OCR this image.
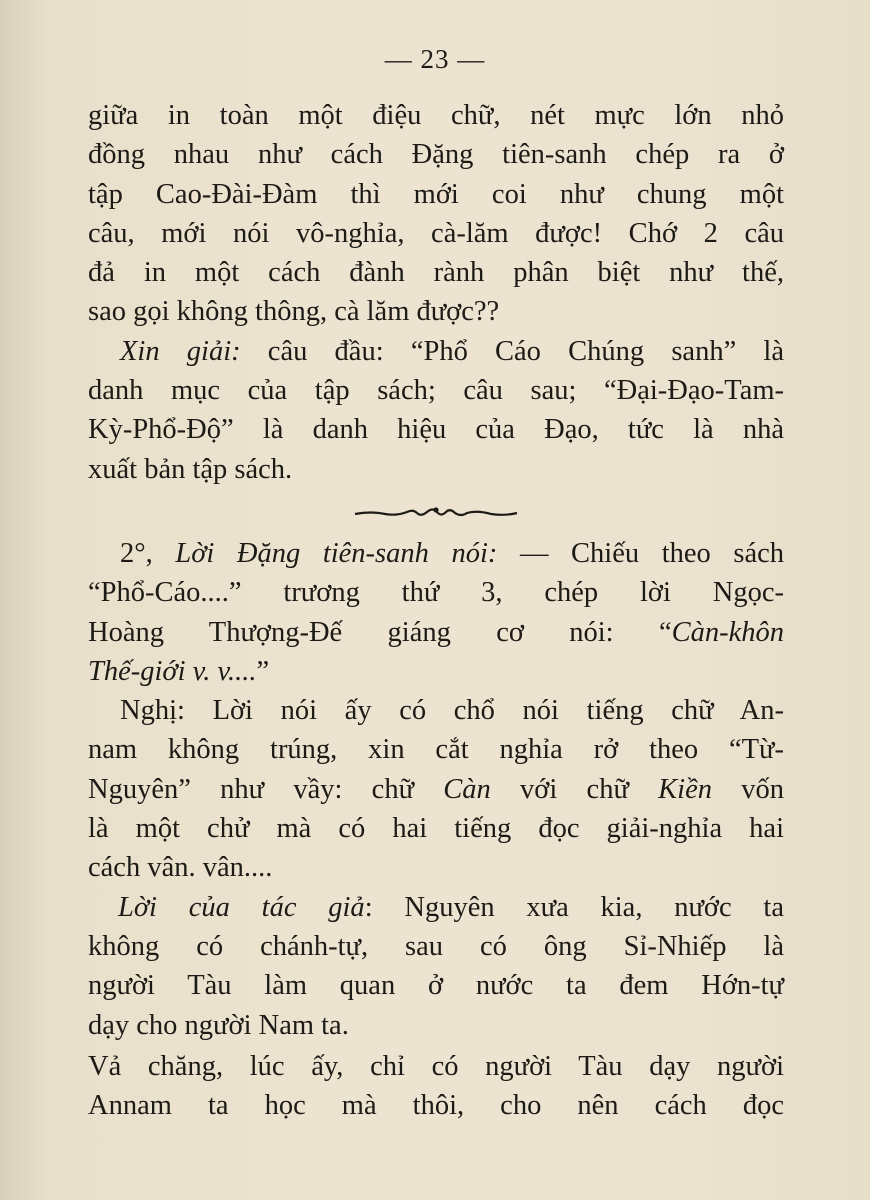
— 23 —
giữa in toàn một điệu chữ, nét mực lớn nhỏ
đồng nhau như cách Đặng tiên-sanh chép ra ở
tập Cao-Đài-Đàm thì mới coi như chung một
câu, mới nói vô-nghỉa, cà-lăm được! Chớ 2 câu
đả in một cách đành rành phân biệt như thế,
sao gọi không thông, cà lăm được??
Xin giải: câu đầu: “Phổ Cáo Chúng sanh” là
danh mục của tập sách; câu sau; “Đại-Đạo-Tam-
Kỳ-Phổ-Độ” là danh hiệu của Đạo, tức là nhà
xuất bản tập sách.
2°, Lời Đặng tiên-sanh nói: — Chiếu theo sách
“Phổ-Cáo....” trương thứ 3, chép lời Ngọc-
Hoàng Thượng-Đế giáng cơ nói: “Càn-khôn
Thế-giới v. v....”
Nghị: Lời nói ấy có chổ nói tiếng chữ An-
nam không trúng, xin cắt nghỉa rở theo “Từ-
Nguyên” như vầy: chữ Càn với chữ Kiền vốn
là một chử mà có hai tiếng đọc giải-nghỉa hai
cách vân. vân....
Lời của tác giả: Nguyên xưa kia, nước ta
không có chánh-tự, sau có ông Sỉ-Nhiếp là
người Tàu làm quan ở nước ta đem Hớn-tự
dạy cho người Nam ta.
Vả chăng, lúc ấy, chỉ có người Tàu dạy người
Annam ta học mà thôi, cho nên cách đọc
